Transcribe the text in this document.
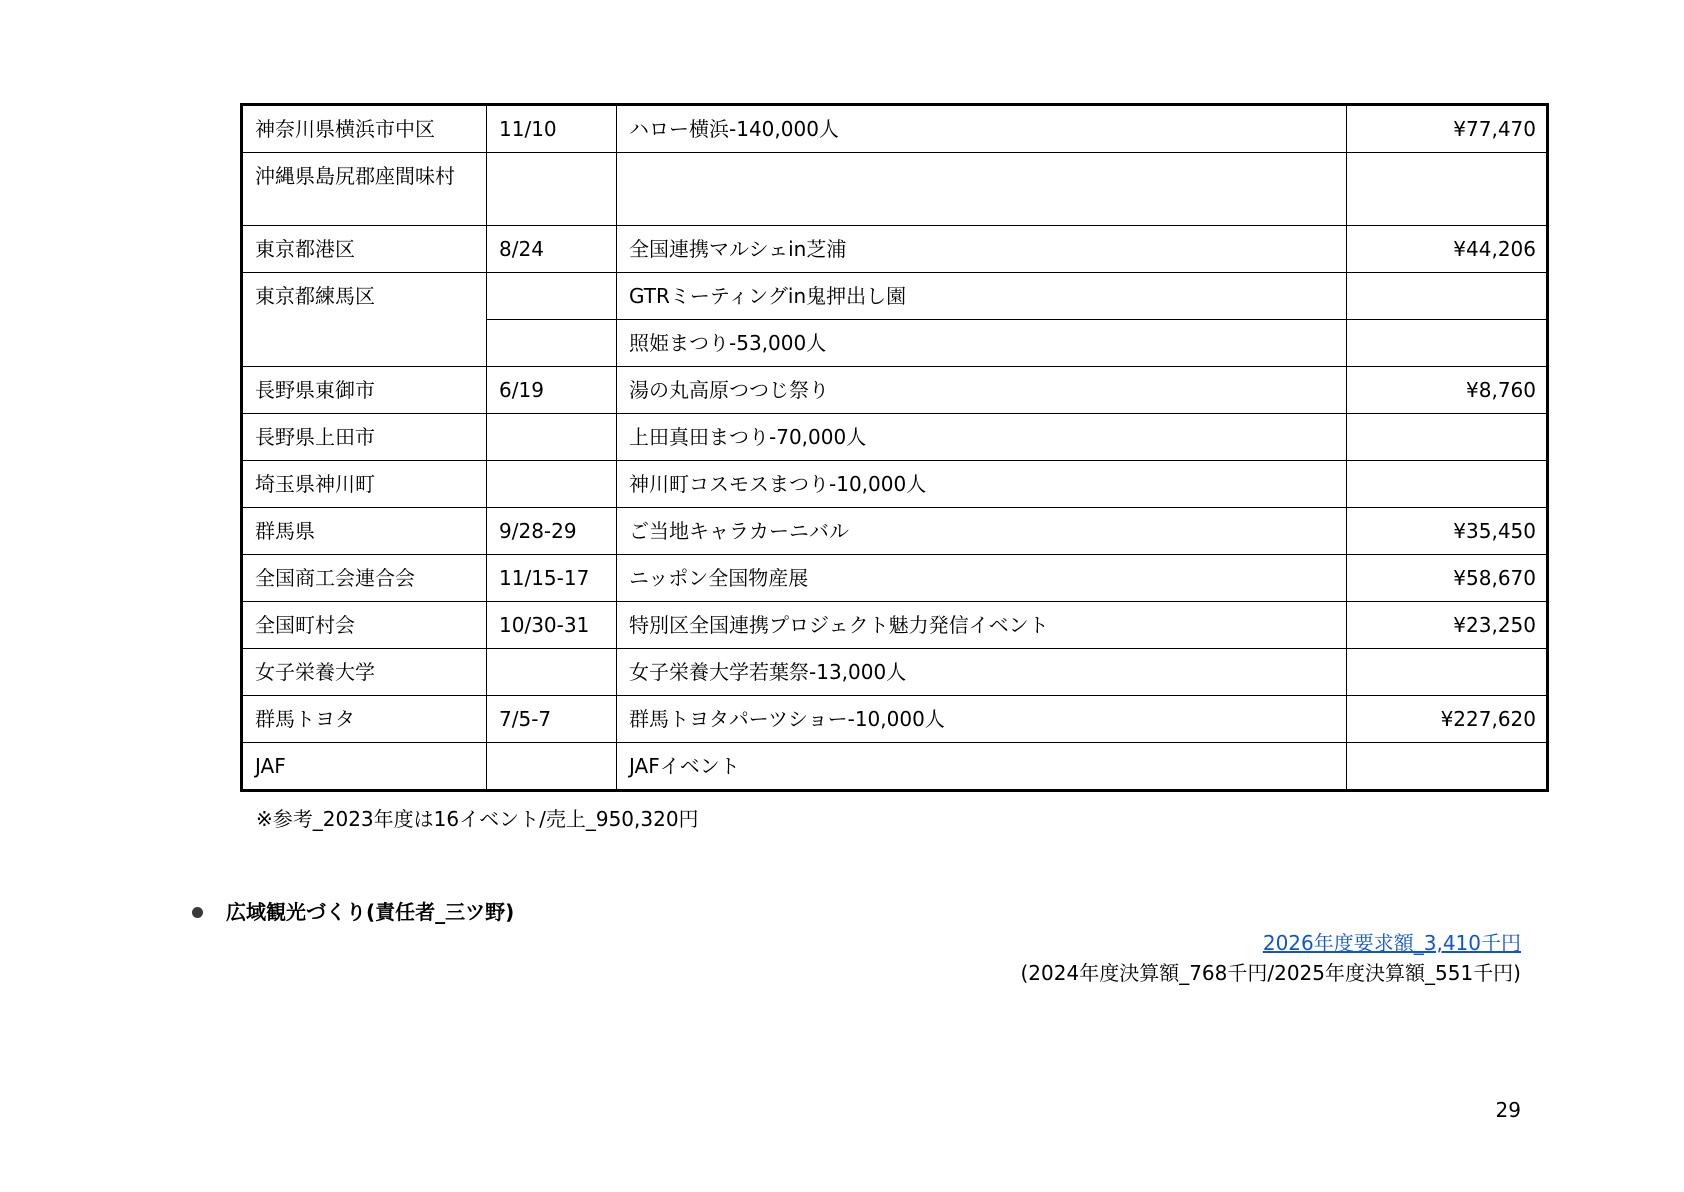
神奈川県横浜市中区	11/10	ハロー横浜-140,000人	¥77,470
沖縄県島尻郡座間味村			
東京都港区	8/24	全国連携マルシェin芝浦	¥44,206
東京都練馬区		GTRミーティングin鬼押出し園	
		照姫まつり-53,000人	
長野県東御市	6/19	湯の丸高原つつじ祭り	¥8,760
長野県上田市		上田真田まつり-70,000人	
埼玉県神川町		神川町コスモスまつり-10,000人	
群馬県	9/28-29	ご当地キャラカーニバル	¥35,450
全国商工会連合会	11/15-17	ニッポン全国物産展	¥58,670
全国町村会	10/30-31	特別区全国連携プロジェクト魅力発信イベント	¥23,250
女子栄養大学		女子栄養大学若葉祭-13,000人	
群馬トヨタ	7/5-7	群馬トヨタパーツショー-10,000人	¥227,620
JAF		JAFイベント	
※参考_2023年度は16イベント/売上_950,320円
広域観光づくり(責任者_三ツ野)
2026年度要求額_3,410千円
(2024年度決算額_768千円/2025年度決算額_551千円)
29
